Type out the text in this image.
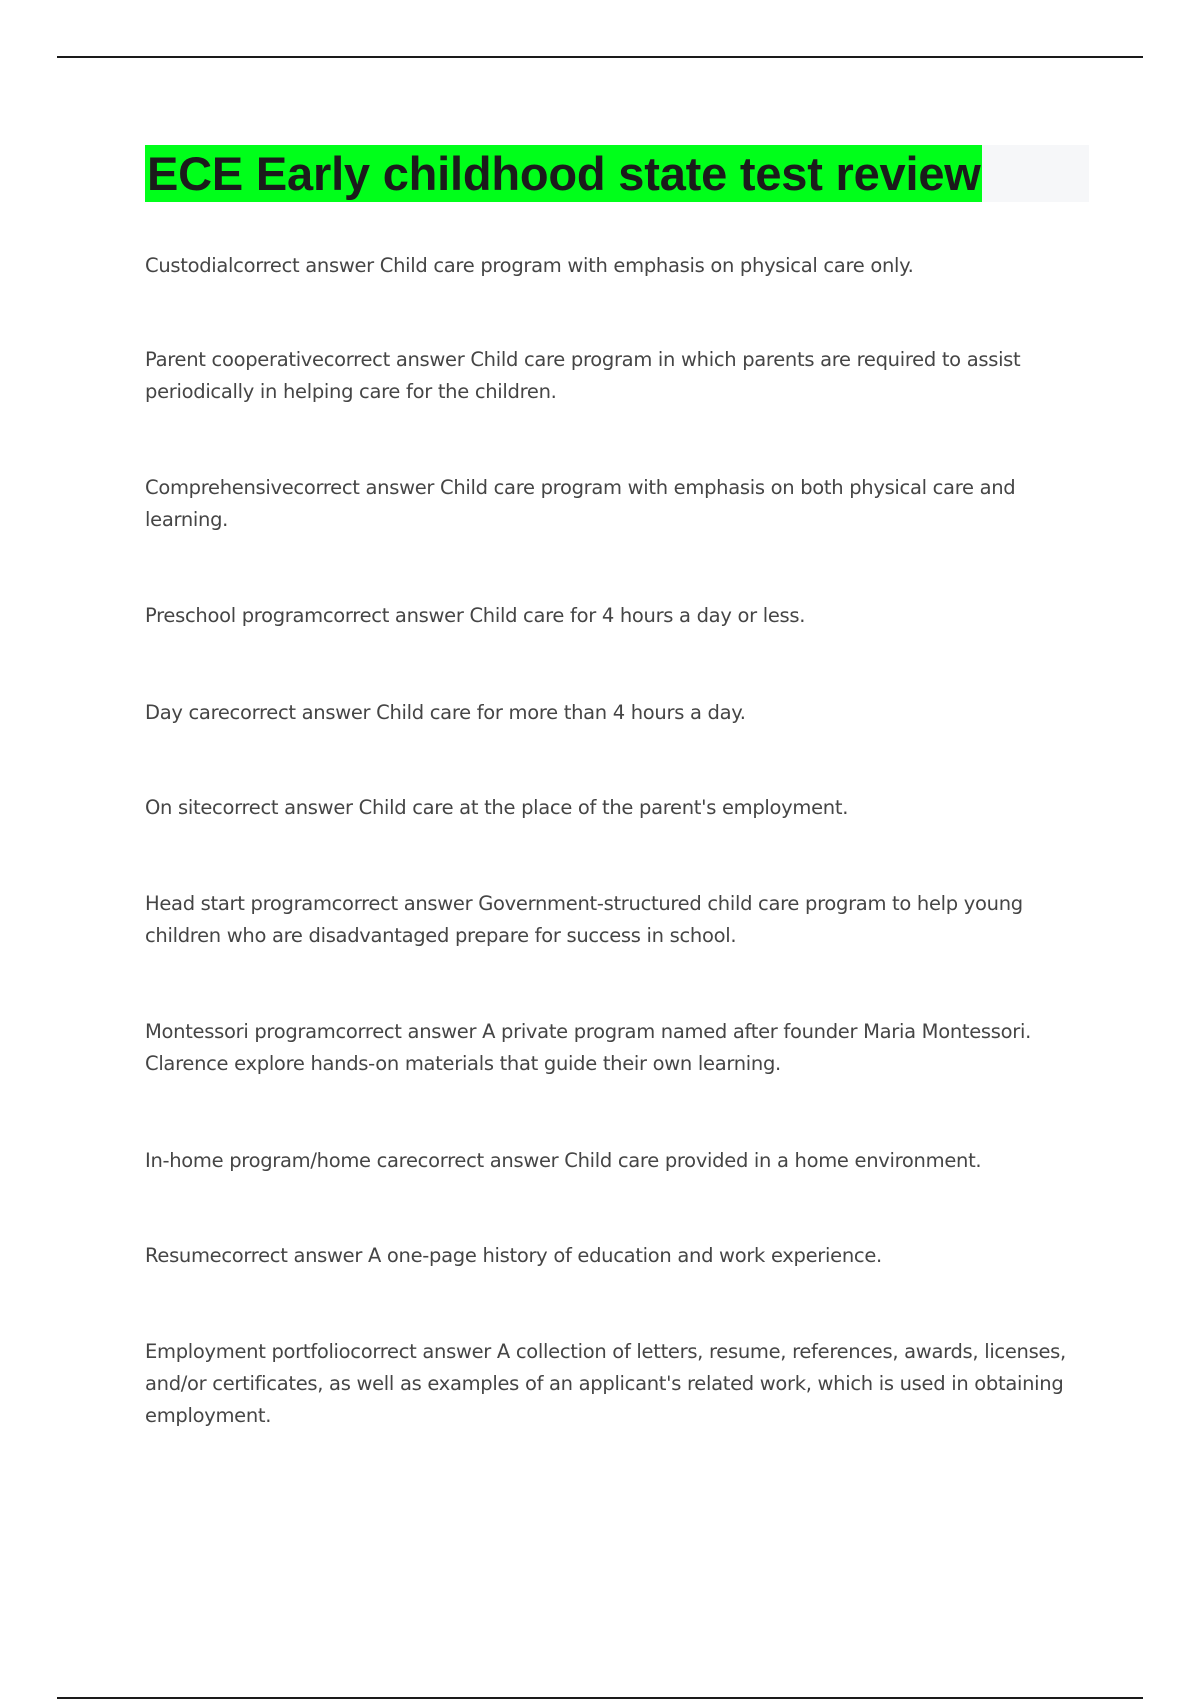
ECE Early childhood state test review

Custodialcorrect answer Child care program with emphasis on physical care only.

Parent cooperativecorrect answer Child care program in which parents are required to assist periodically in helping care for the children.

Comprehensivecorrect answer Child care program with emphasis on both physical care and learning.

Preschool programcorrect answer Child care for 4 hours a day or less.

Day carecorrect answer Child care for more than 4 hours a day.

On sitecorrect answer Child care at the place of the parent's employment.

Head start programcorrect answer Government-structured child care program to help young children who are disadvantaged prepare for success in school.

Montessori programcorrect answer A private program named after founder Maria Montessori. Clarence explore hands-on materials that guide their own learning.

In-home program/home carecorrect answer Child care provided in a home environment.

Resumecorrect answer A one-page history of education and work experience.

Employment portfoliocorrect answer A collection of letters, resume, references, awards, licenses, and/or certificates, as well as examples of an applicant's related work, which is used in obtaining employment.
